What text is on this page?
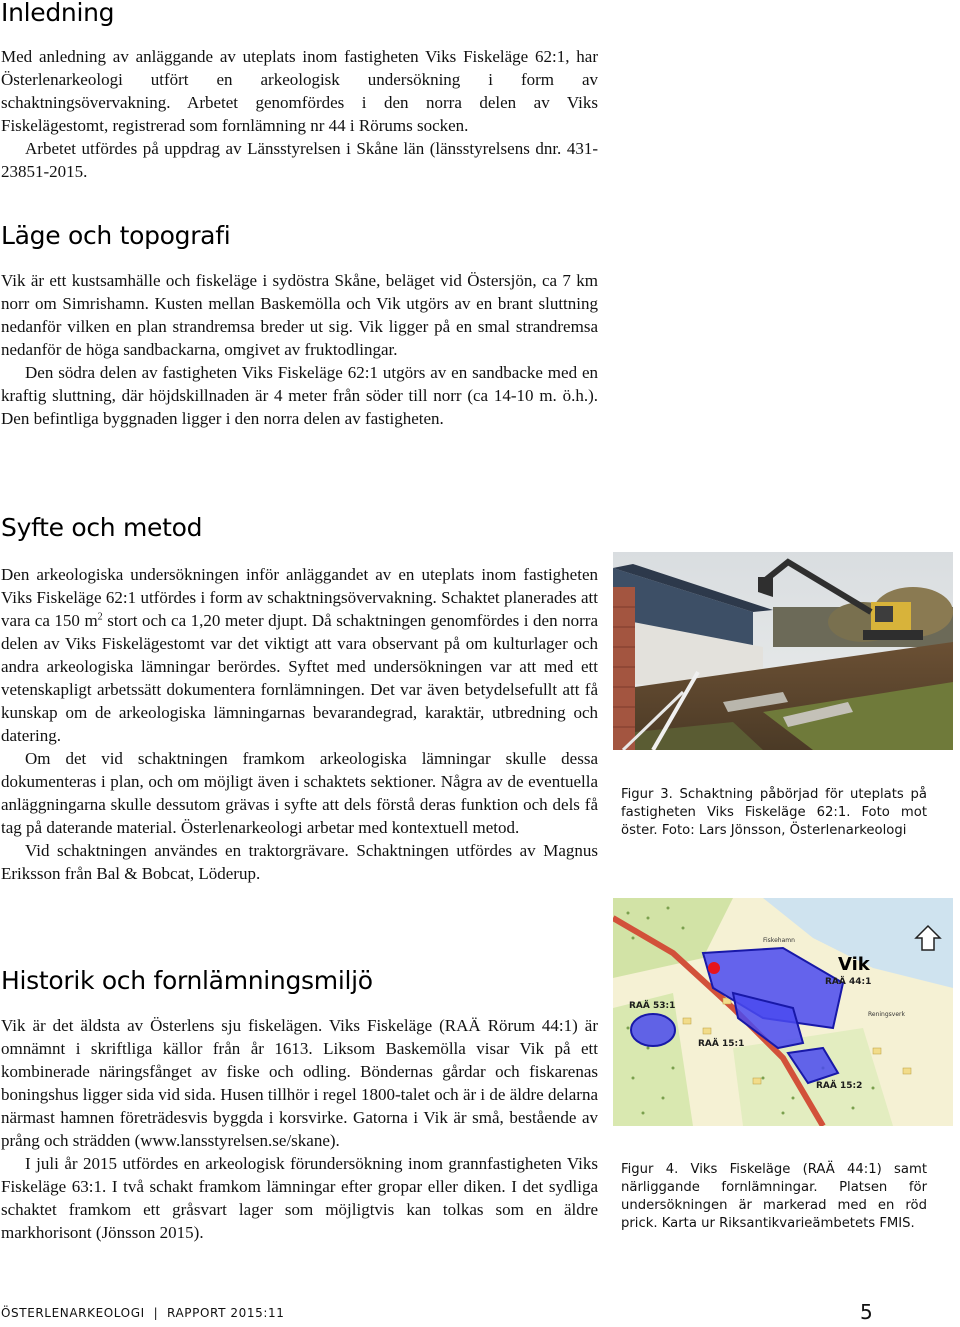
Inledning
Med anledning av anläggande av uteplats inom fastigheten Viks Fiskeläge 62:1, har Österlenarkeologi utfört en arkeologisk undersökning i form av schaktningsövervakning. Arbetet genomfördes i den norra delen av Viks Fiskelägestomt, registrerad som fornlämning nr 44 i Rörums socken.
Arbetet utfördes på uppdrag av Länsstyrelsen i Skåne län (länsstyrelsens dnr. 431-23851-2015.
Läge och topografi
Vik är ett kustsamhälle och fiskeläge i sydöstra Skåne, beläget vid Östersjön, ca 7 km norr om Simrishamn. Kusten mellan Baskemölla och Vik utgörs av en brant sluttning nedanför vilken en plan strandremsa breder ut sig. Vik ligger på en smal strandremsa nedanför de höga sandbackarna, omgivet av fruktodlingar.
Den södra delen av fastigheten Viks Fiskeläge 62:1 utgörs av en sandbacke med en kraftig sluttning, där höjdskillnaden är 4 meter från söder till norr (ca 14-10 m. ö.h.). Den befintliga byggnaden ligger i den norra delen av fastigheten.
Syfte och metod
Den arkeologiska undersökningen inför anläggandet av en uteplats inom fastigheten Viks Fiskeläge 62:1 utfördes i form av schaktningsövervakning. Schaktet planerades att vara ca 150 $m^2$ stort och ca 1,20 meter djupt. Då schaktningen genomfördes i den norra delen av Viks Fiskelägestomt var det viktigt att vara observant på om kulturlager och andra arkeologiska lämningar berördes. Syftet med undersökningen var att med ett vetenskapligt arbetssätt dokumentera fornlämningen. Det var även betydelsefullt att få kunskap om de arkeologiska lämningarnas bevarandegrad, karaktär, utbredning och datering.
Om det vid schaktningen framkom arkeologiska lämningar skulle dessa dokumenteras i plan, och om möjligt även i schaktets sektioner. Några av de eventuella anläggningarna skulle dessutom grävas i syfte att dels förstå deras funktion och dels få tag på daterande material. Österlenarkeologi arbetar med kontextuell metod.
Vid schaktningen användes en traktorgrävare. Schaktningen utfördes av Magnus Eriksson från Bal & Bobcat, Löderup.
Historik och fornlämningsmiljö
Vik är det äldsta av Österlens sju fiskelägen. Viks Fiskeläge (RAÄ Rörum 44:1) är omnämnt i skriftliga källor från år 1613. Liksom Baskemölla visar Vik på ett kombinerade näringsfånget av fiske och odling. Böndernas gårdar och fiskarenas boningshus ligger sida vid sida. Husen tillhör i regel 1800-talet och är i de äldre delarna närmast hamnen företrädesvis byggda i korsvirke. Gatorna i Vik är små, bestående av prång och strädden (www.lansstyrelsen.se/skane).
I juli år 2015 utfördes en arkeologisk förundersökning inom grannfastigheten Viks Fiskeläge 63:1. I två schakt framkom lämningar efter gropar eller diken. I det sydliga schaktet framkom ett gråsvart lager som möjligtvis kan tolkas som en äldre markhorisont (Jönsson 2015).
Figur 3. Schaktning påbörjad för uteplats på fastigheten Viks Fiskeläge 62:1. Foto mot öster. Foto: Lars Jönsson, Österlenarkeologi
Vik
RAÄ 44:1
RAÄ 53:1
RAÄ 15:1
RAÄ 15:2
Fiskehamn
Reningsverk
Figur 4. Viks Fiskeläge (RAÄ 44:1) samt närliggande fornlämningar. Platsen för undersökningen är markerad med en röd prick. Karta ur Riksantikvarieämbetets FMIS.
ÖSTERLENARKEOLOGI  |  RAPPORT 2015:11	5
